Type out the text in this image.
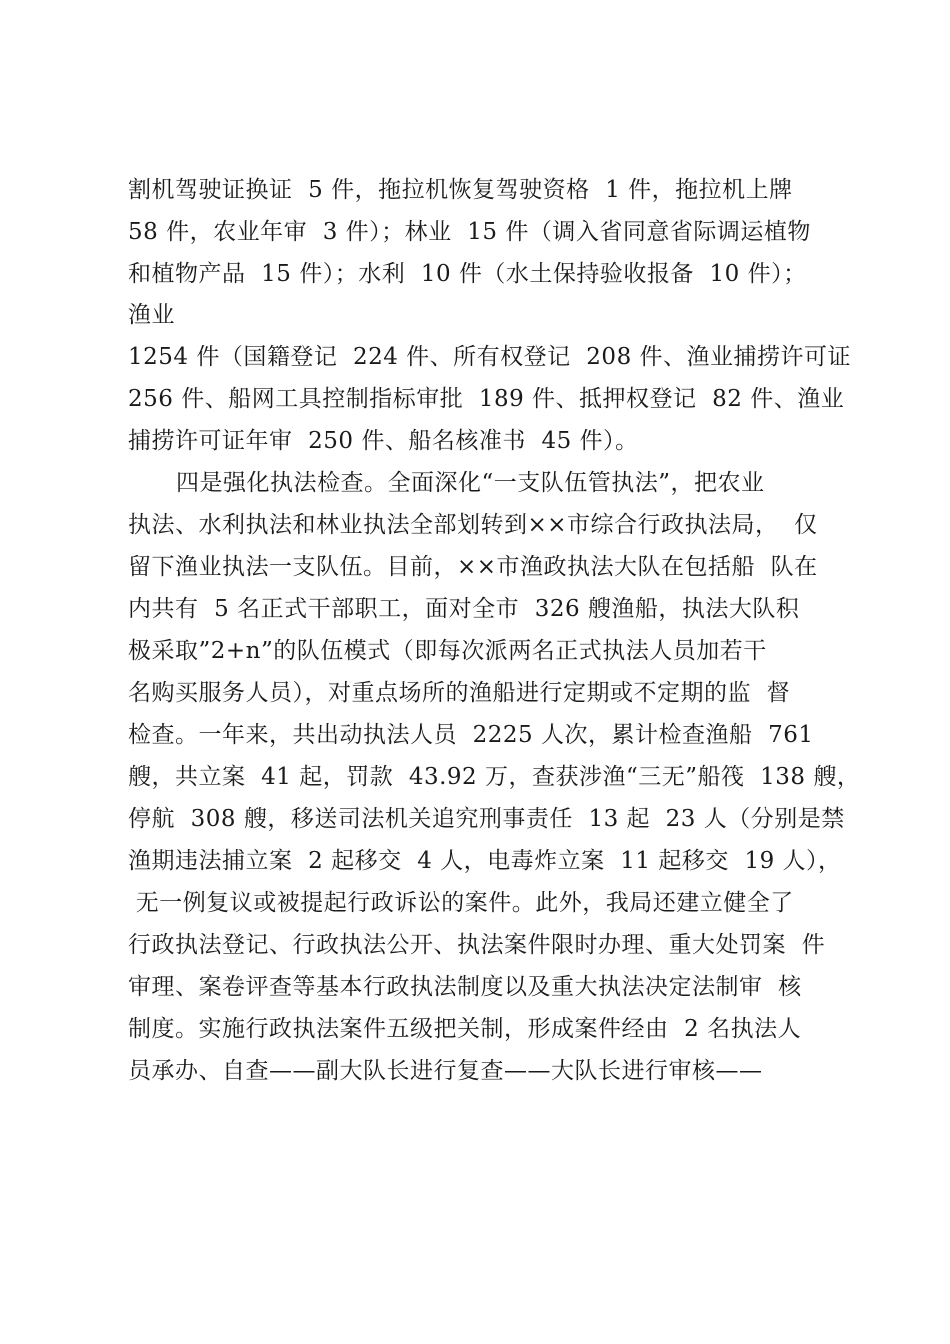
割机驾驶证换证  5 件，拖拉机恢复驾驶资格  1 件，拖拉机上牌
58 件，农业年审  3 件）；林业  15 件（调入省同意省际调运植物
和植物产品  15 件）；水利  10 件（水土保持验收报备  10 件）；
渔业
1254 件（国籍登记  224 件、所有权登记  208 件、渔业捕捞许可证
256 件、船网工具控制指标审批  189 件、抵押权登记  82 件、渔业
捕捞许可证年审  250 件、船名核准书  45 件）。
四是强化执法检查。全面深化“一支队伍管执法”，把农业
执法、水利执法和林业执法全部划转到××市综合行政执法局，  仅
留下渔业执法一支队伍。目前，××市渔政执法大队在包括船  队在
内共有  5 名正式干部职工，面对全市  326 艘渔船，执法大队积
极采取”2+n”的队伍模式（即每次派两名正式执法人员加若干
名购买服务人员），对重点场所的渔船进行定期或不定期的监  督
检查。一年来，共出动执法人员  2225 人次，累计检查渔船  761
艘，共立案  41 起，罚款  43.92 万，查获涉渔“三无”船筏  138 艘，
停航  308 艘，移送司法机关追究刑事责任  13 起  23 人（分别是禁
渔期违法捕立案  2 起移交  4 人，电毒炸立案  11 起移交  19 人），
无一例复议或被提起行政诉讼的案件。此外，我局还建立健全了
行政执法登记、行政执法公开、执法案件限时办理、重大处罚案  件
审理、案卷评查等基本行政执法制度以及重大执法决定法制审  核
制度。实施行政执法案件五级把关制，形成案件经由  2 名执法人
员承办、自查——副大队长进行复查——大队长进行审核——
